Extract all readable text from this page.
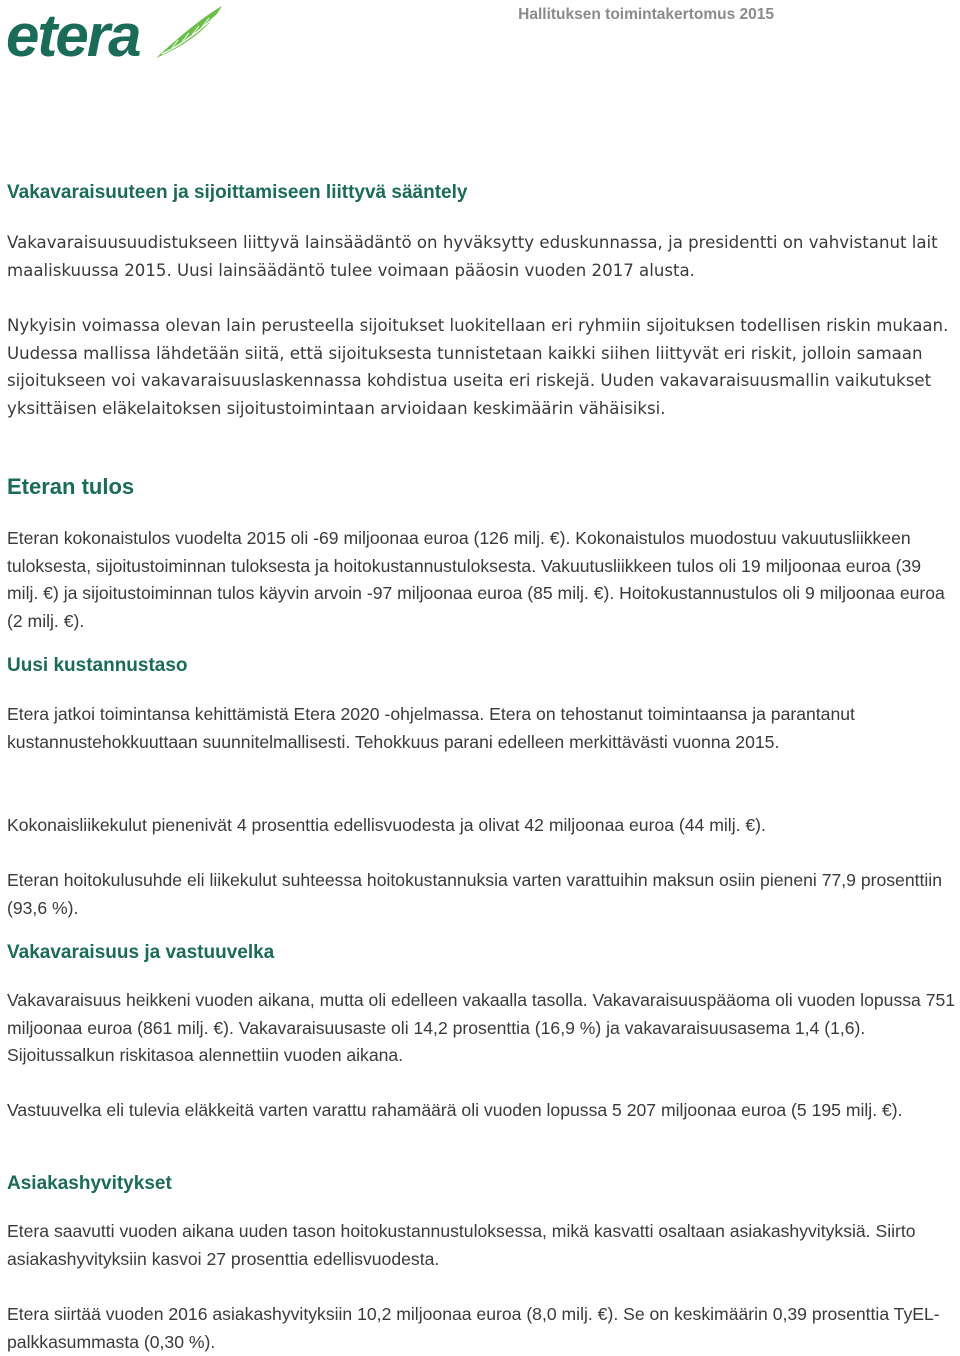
etera	Hallituksen toimintakertomus 2015
Vakavaraisuuteen ja sijoittamiseen liittyvä sääntely

Vakavaraisuusuudistukseen liittyvä lainsäädäntö on hyväksytty eduskunnassa, ja presidentti on vahvistanut lait maaliskuussa 2015. Uusi lainsäädäntö tulee voimaan pääosin vuoden 2017 alusta.

Nykyisin voimassa olevan lain perusteella sijoitukset luokitellaan eri ryhmiin sijoituksen todellisen riskin mukaan. Uudessa mallissa lähdetään siitä, että sijoituksesta tunnistetaan kaikki siihen liittyvät eri riskit, jolloin samaan sijoitukseen voi vakavaraisuuslaskennassa kohdistua useita eri riskejä. Uuden vakavaraisuusmallin vaikutukset yksittäisen eläkelaitoksen sijoitustoimintaan arvioidaan keskimäärin vähäisiksi.

Eteran tulos

Eteran kokonaistulos vuodelta 2015 oli -69 miljoonaa euroa (126 milj. €). Kokonaistulos muodostuu vakuutusliikkeen tuloksesta, sijoitustoiminnan tuloksesta ja hoitokustannustuloksesta. Vakuutusliikkeen tulos oli 19 miljoonaa euroa (39 milj. €) ja sijoitustoiminnan tulos käyvin arvoin -97 miljoonaa euroa (85 milj. €). Hoitokustannustulos oli 9 miljoonaa euroa (2 milj. €).

Uusi kustannustaso

Etera jatkoi toimintansa kehittämistä Etera 2020 -ohjelmassa. Etera on tehostanut toimintaansa ja parantanut kustannustehokkuuttaan suunnitelmallisesti. Tehokkuus parani edelleen merkittävästi vuonna 2015.

Kokonaisliikekulut pienenivät 4 prosenttia edellisvuodesta ja olivat 42 miljoonaa euroa (44 milj. €).

Eteran hoitokulusuhde eli liikekulut suhteessa hoitokustannuksia varten varattuihin maksun osiin pieneni 77,9 prosenttiin (93,6 %).

Vakavaraisuus ja vastuuvelka

Vakavaraisuus heikkeni vuoden aikana, mutta oli edelleen vakaalla tasolla. Vakavaraisuuspääoma oli vuoden lopussa 751 miljoonaa euroa (861 milj. €). Vakavaraisuusaste oli 14,2 prosenttia (16,9 %) ja vakavaraisuusasema 1,4 (1,6). Sijoitussalkun riskitasoa alennettiin vuoden aikana.

Vastuuvelka eli tulevia eläkkeitä varten varattu rahamäärä oli vuoden lopussa 5 207 miljoonaa euroa (5 195 milj. €).

Asiakashyvitykset

Etera saavutti vuoden aikana uuden tason hoitokustannustuloksessa, mikä kasvatti osaltaan asiakashyvityksiä. Siirto asiakashyvityksiin kasvoi 27 prosenttia edellisvuodesta.

Etera siirtää vuoden 2016 asiakashyvityksiin 10,2 miljoonaa euroa (8,0 milj. €). Se on keskimäärin 0,39 prosenttia TyEL-palkkasummasta (0,30 %).
